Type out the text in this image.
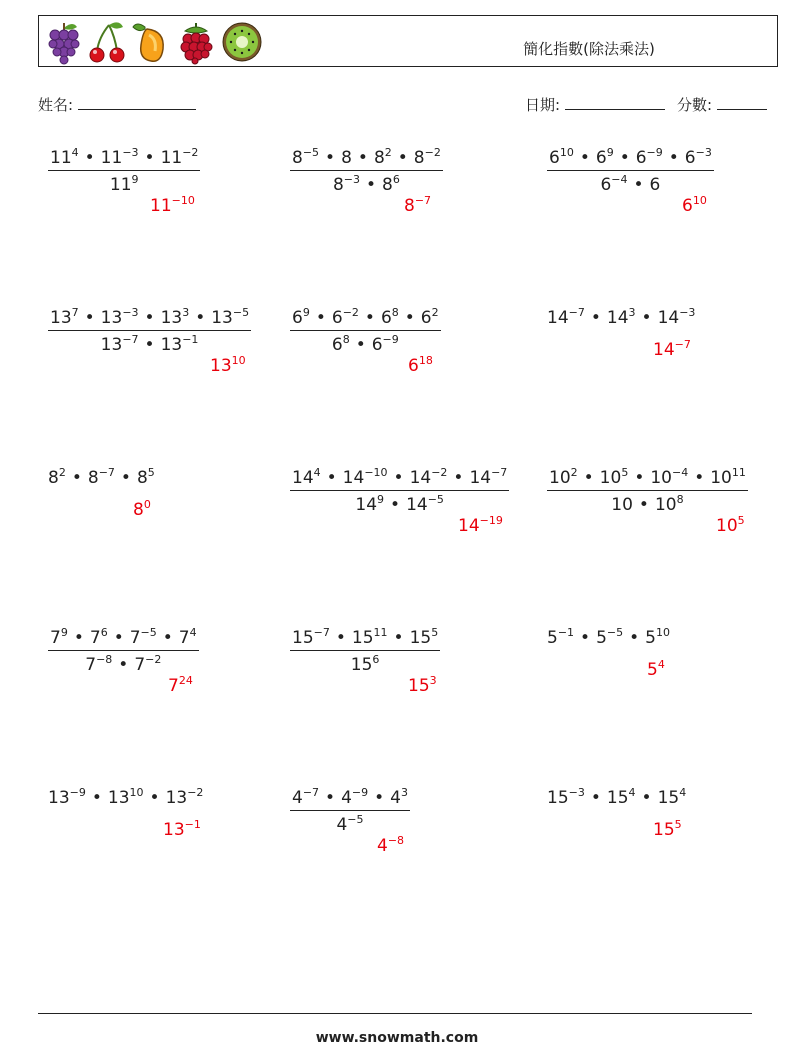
簡化指數(除法乘法)
姓名:	日期:	分數:
$\frac{11^4 • 11^{-3} • 11^{-2}}{11^9}$
$11^{-10}$
$\frac{8^{-5} • 8 • 8^2 • 8^{-2}}{8^{-3} • 8^6}$
$8^{-7}$
$\frac{6^{10} • 6^9 • 6^{-9} • 6^{-3}}{6^{-4} • 6}$
$6^{10}$
$\frac{13^7 • 13^{-3} • 13^3 • 13^{-5}}{13^{-7} • 13^{-1}}$
$13^{10}$
$\frac{6^9 • 6^{-2} • 6^8 • 6^2}{6^8 • 6^{-9}}$
$6^{18}$
$14^{-7}$ • $14^3$ • $14^{-3}$
$14^{-7}$
$8^2$ • $8^{-7}$ • $8^5$
$8^0$	$\frac{14^4 • 14^{-10} • 14^{-2} • 14^{-7}}{14^9 • 14^{-5}}$
$14^{-19}$
$\frac{10^2 • 10^5 • 10^{-4} • 10^{11}}{10 • 10^8}$
$10^5$
$\frac{7^9 • 7^6 • 7^{-5} • 7^4}{7^{-8} • 7^{-2}}$
$7^{24}$
$\frac{15^{-7} • 15^{11} • 15^5}{15^6}$
$15^3$
$5^{-1}$ • $5^{-5}$ • $5^{10}$
$5^4$
$13^{-9}$ • $13^{10}$ • $13^{-2}$
$13^{-1}$	$\frac{4^{-7} • 4^{-9} • 4^3}{4^{-5}}$
$4^{-8}$
$15^{-3}$ • $15^4$ • $15^4$
$15^5$
www.snowmath.com
